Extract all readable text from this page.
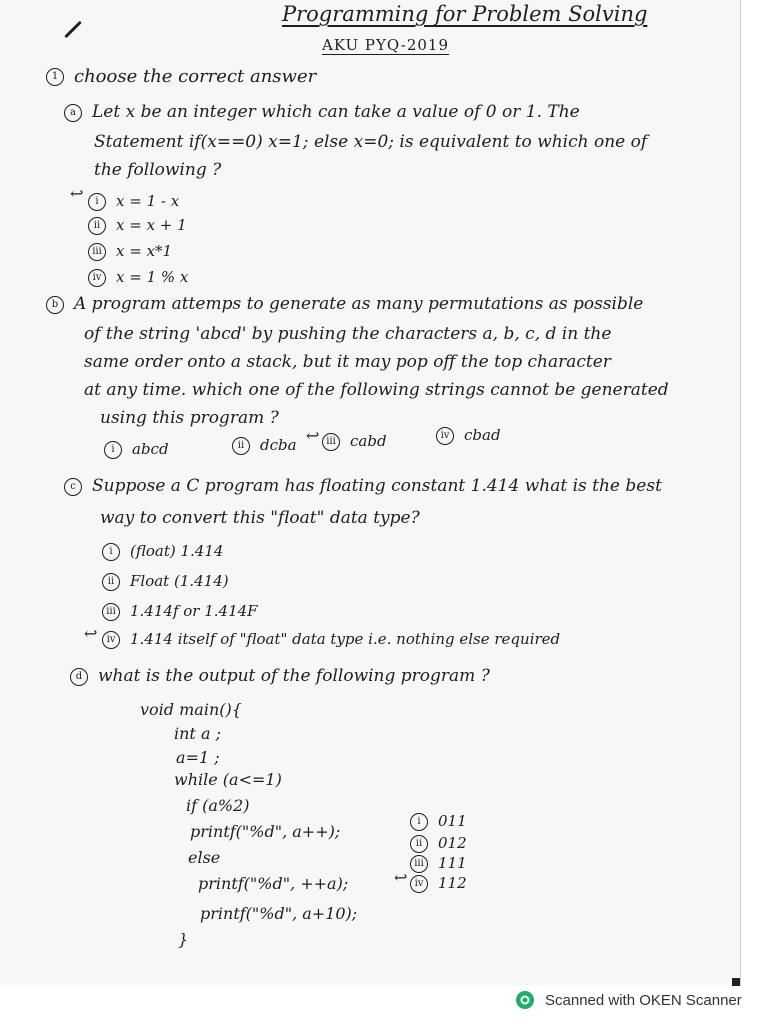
Programming for Problem Solving
AKU PYQ-2019
1 choose the correct answer
a Let x be an integer which can take a value of 0 or 1. The
Statement if(x==0) x=1; else x=0; is equivalent to which one of
the following ?
↩	i x = 1 - x
ii x = x + 1
iii x = x*1
iv x = 1 % x
b A program attemps to generate as many permutations as possible
of the string 'abcd' by pushing the characters a, b, c, d in the
same order onto a stack, but it may pop off the top character
at any time. which one of the following strings cannot be generated
using this program ?
i abcd	ii dcba ↩ iii cabd	iv cbad
c Suppose a C program has floating constant 1.414 what is the best
way to convert this "float" data type?
i (float) 1.414
ii Float (1.414)
iii 1.414f or 1.414F
↩ iv 1.414 itself of "float" data type i.e. nothing else required
d what is the output of the following program ?
void main(){
int a ;
a=1 ;
while (a<=1)
if (a%2)
printf("%d", a++);
else
printf("%d", ++a);
printf("%d", a+10);
}
i 011
ii 012
iii 111
↩ iv 112
Scanned with OKEN Scanner
